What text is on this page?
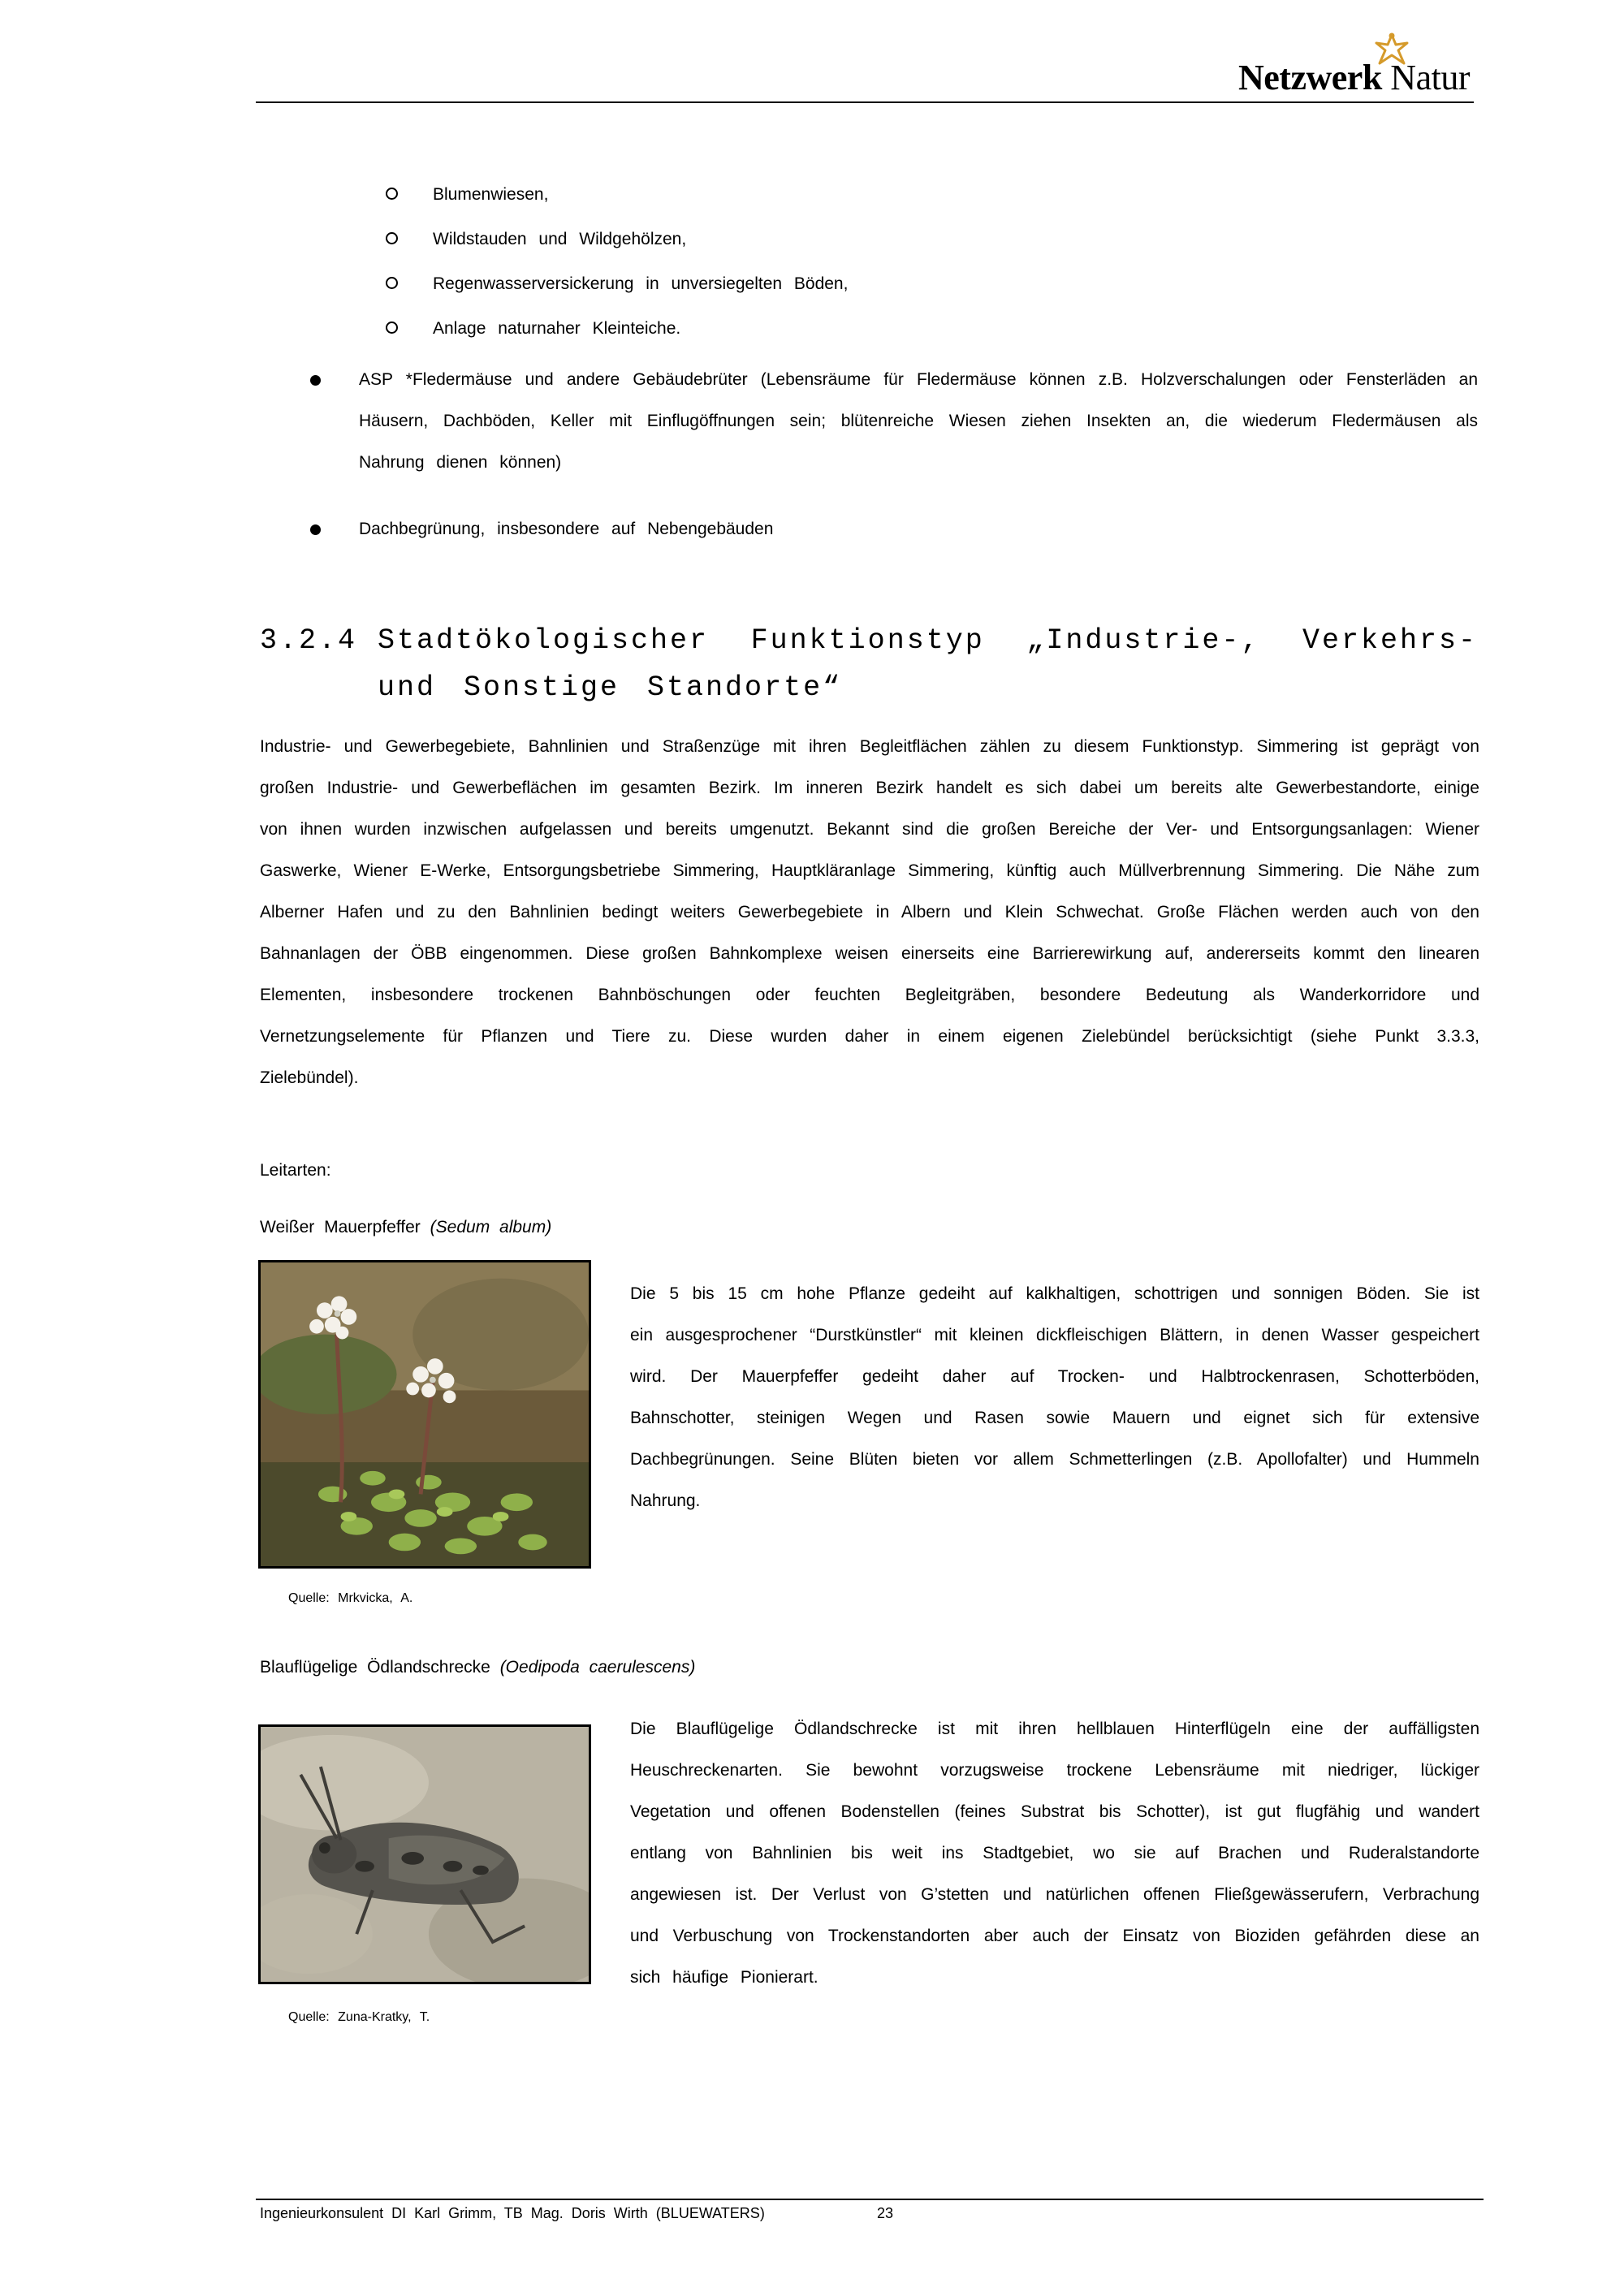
Netzwerk Natur
Blumenwiesen,
Wildstauden und Wildgehölzen,
Regenwasserversickerung in unversiegelten Böden,
Anlage naturnaher Kleinteiche.
ASP *Fledermäuse und andere Gebäudebrüter (Lebensräume für Fledermäuse können z.B. Holzverschalungen oder Fensterläden an Häusern, Dachböden, Keller mit Einflugöffnungen sein; blütenreiche Wiesen ziehen Insekten an, die wiederum Fledermäusen als Nahrung dienen können)
Dachbegrünung, insbesondere auf Nebengebäuden
3.2.4 Stadtökologischer Funktionstyp „Industrie-, Verkehrs- und Sonstige Standorte“
Industrie- und Gewerbegebiete, Bahnlinien und Straßenzüge mit ihren Begleitflächen zählen zu diesem Funktionstyp. Simmering ist geprägt von großen Industrie- und Gewerbeflächen im gesamten Bezirk. Im inneren Bezirk handelt es sich dabei um bereits alte Gewerbestandorte, einige von ihnen wurden inzwischen aufgelassen und bereits umgenutzt. Bekannt sind die großen Bereiche der Ver- und Entsorgungsanlagen: Wiener Gaswerke, Wiener E-Werke, Entsorgungsbetriebe Simmering, Hauptkläranlage Simmering, künftig auch Müllverbrennung Simmering. Die Nähe zum Alberner Hafen und zu den Bahnlinien bedingt weiters Gewerbegebiete in Albern und Klein Schwechat. Große Flächen werden auch von den Bahnanlagen der ÖBB eingenommen. Diese großen Bahnkomplexe weisen einerseits eine Barrierewirkung auf, andererseits kommt den linearen Elementen, insbesondere trockenen Bahnböschungen oder feuchten Begleitgräben, besondere Bedeutung als Wanderkorridore und Vernetzungselemente für Pflanzen und Tiere zu. Diese wurden daher in einem eigenen Zielebündel berücksichtigt (siehe Punkt 3.3.3, Zielebündel).
Leitarten:
Weißer Mauerpfeffer (Sedum album)
Die 5 bis 15 cm hohe Pflanze gedeiht auf kalkhaltigen, schottrigen und sonnigen Böden. Sie ist ein ausgesprochener “Durstkünstler“ mit kleinen dickfleischigen Blättern, in denen Wasser gespeichert wird. Der Mauerpfeffer gedeiht daher auf Trocken- und Halbtrockenrasen, Schotterböden, Bahnschotter, steinigen Wegen und Rasen sowie Mauern und eignet sich für extensive Dachbegrünungen. Seine Blüten bieten vor allem Schmetterlingen (z.B. Apollofalter) und Hummeln Nahrung.
Quelle: Mrkvicka, A.
Blauflügelige Ödlandschrecke (Oedipoda caerulescens)
Die Blauflügelige Ödlandschrecke ist mit ihren hellblauen Hinterflügeln eine der auffälligsten Heuschreckenarten. Sie bewohnt vorzugsweise trockene Lebensräume mit niedriger, lückiger Vegetation und offenen Bodenstellen (feines Substrat bis Schotter), ist gut flugfähig und wandert entlang von Bahnlinien bis weit ins Stadtgebiet, wo sie auf Brachen und Ruderalstandorte angewiesen ist. Der Verlust von G’stetten und natürlichen offenen Fließgewässerufern, Verbrachung und Verbuschung von Trockenstandorten aber auch der Einsatz von Bioziden gefährden diese an sich häufige Pionierart.
Quelle: Zuna-Kratky, T.
Ingenieurkonsulent DI Karl Grimm, TB Mag. Doris Wirth (BLUEWATERS)	23
